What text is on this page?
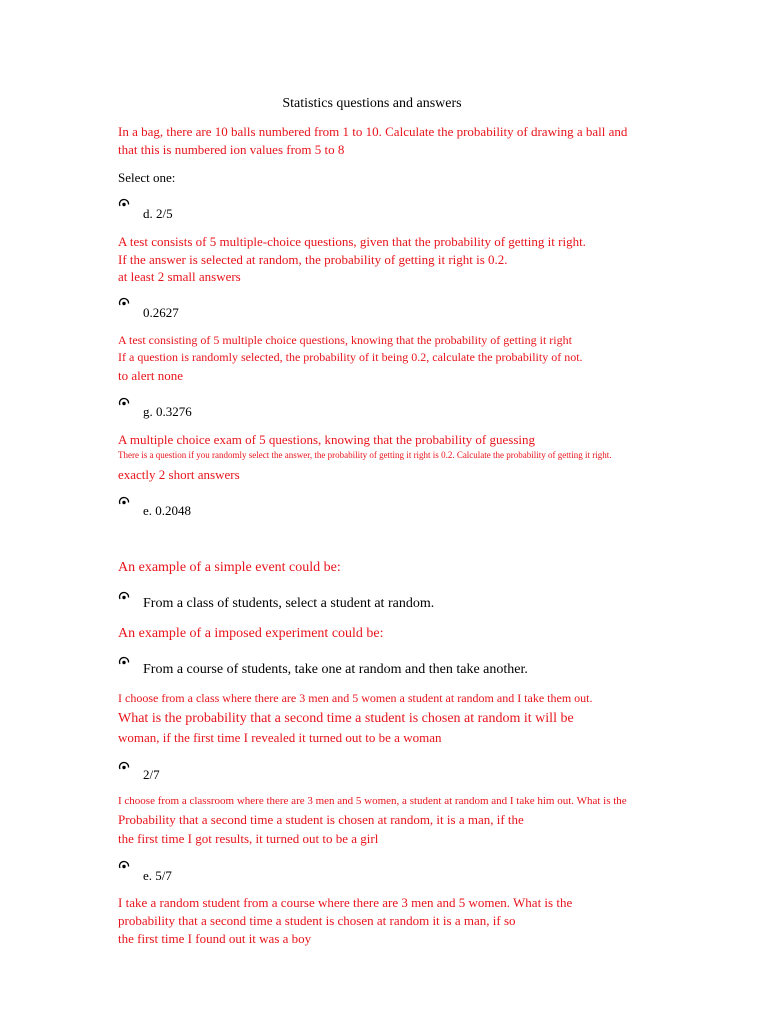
Statistics questions and answers
In a bag, there are 10 balls numbered from 1 to 10. Calculate the probability of drawing a ball and
that this is numbered ion values from 5 to 8
Select one:
d. 2/5
A test consists of 5 multiple-choice questions, given that the probability of getting it right.
If the answer is selected at random, the probability of getting it right is 0.2.
at least 2 small answers
0.2627
A test consisting of 5 multiple choice questions, knowing that the probability of getting it right
If a question is randomly selected, the probability of it being 0.2, calculate the probability of not.
to alert none
g. 0.3276
A multiple choice exam of 5 questions, knowing that the probability of guessing
There is a question if you randomly select the answer, the probability of getting it right is 0.2. Calculate the probability of getting it right.
exactly 2 short answers
e. 0.2048
An example of a simple event could be:
From a class of students, select a student at random.
An example of a imposed experiment could be:
From a course of students, take one at random and then take another.
I choose from a class where there are 3 men and 5 women a student at random and I take them out.
What is the probability that a second time a student is chosen at random it will be
woman, if the first time I revealed it turned out to be a woman
2/7
I choose from a classroom where there are 3 men and 5 women, a student at random and I take him out. What is the
Probability that a second time a student is chosen at random, it is a man, if the
the first time I got results, it turned out to be a girl
e. 5/7
I take a random student from a course where there are 3 men and 5 women. What is the
probability that a second time a student is chosen at random it is a man, if so
the first time I found out it was a boy
